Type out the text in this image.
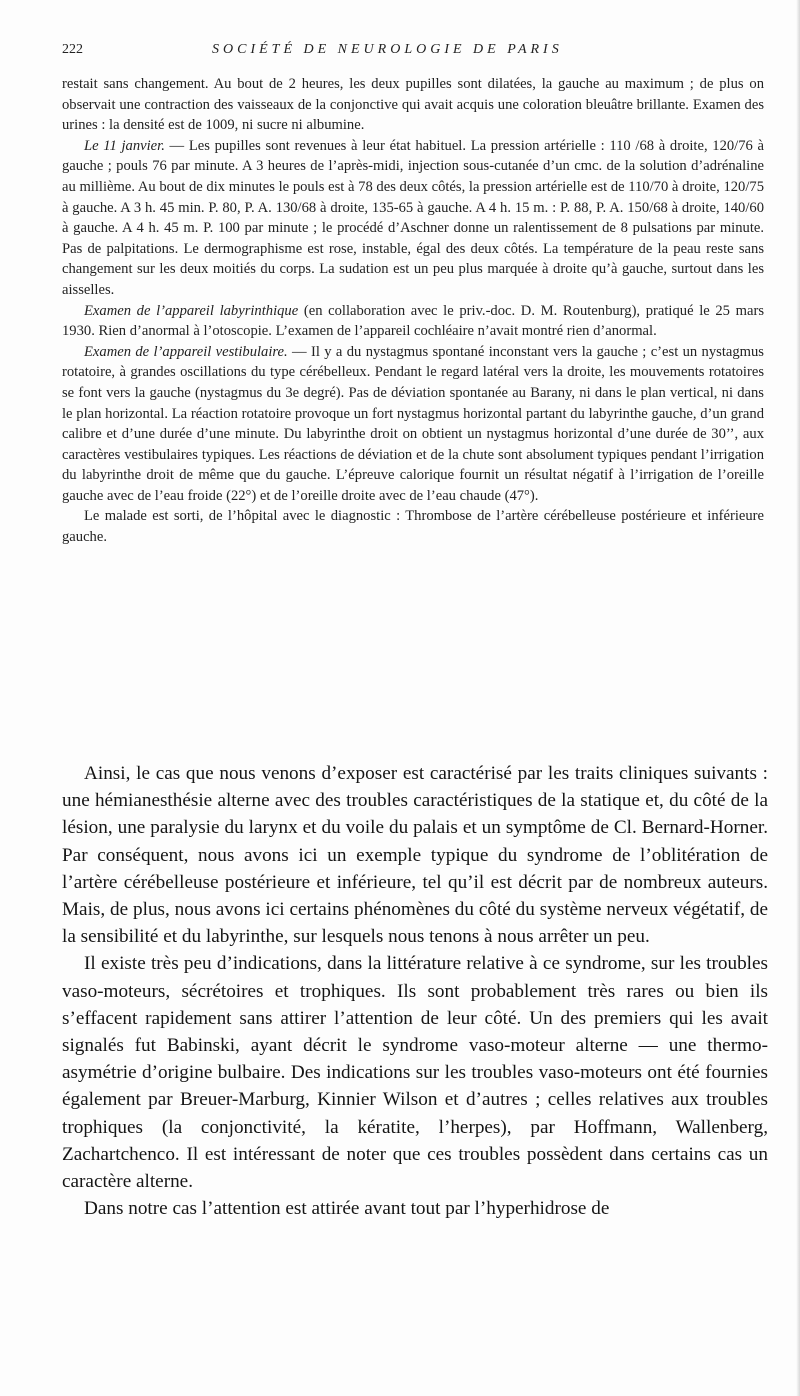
222	SOCIÉTÉ DE NEUROLOGIE DE PARIS

restait sans changement. Au bout de 2 heures, les deux pupilles sont dilatées, la gauche au maximum ; de plus on observait une contraction des vaisseaux de la conjonctive qui avait acquis une coloration bleuâtre brillante. Examen des urines : la densité est de 1009, ni sucre ni albumine.

Le 11 janvier. — Les pupilles sont revenues à leur état habituel. La pression artérielle : 110 /68 à droite, 120/76 à gauche ; pouls 76 par minute. A 3 heures de l’après-midi, injection sous-cutanée d’un cmc. de la solution d’adrénaline au millième. Au bout de dix minutes le pouls est à 78 des deux côtés, la pression artérielle est de 110/70 à droite, 120/75 à gauche. A 3 h. 45 min. P. 80, P. A. 130/68 à droite, 135-65 à gauche. A 4 h. 15 m. : P. 88, P. A. 150/68 à droite, 140/60 à gauche. A 4 h. 45 m. P. 100 par minute ; le procédé d’Aschner donne un ralentissement de 8 pulsations par minute. Pas de palpitations. Le dermographisme est rose, instable, égal des deux côtés. La température de la peau reste sans changement sur les deux moitiés du corps. La sudation est un peu plus marquée à droite qu’à gauche, surtout dans les aisselles.

Examen de l’appareil labyrinthique (en collaboration avec le priv.-doc. D. M. Routenburg), pratiqué le 25 mars 1930. Rien d’anormal à l’otoscopie. L’examen de l’appareil cochléaire n’avait montré rien d’anormal.

Examen de l’appareil vestibulaire. — Il y a du nystagmus spontané inconstant vers la gauche ; c’est un nystagmus rotatoire, à grandes oscillations du type cérébelleux. Pendant le regard latéral vers la droite, les mouvements rotatoires se font vers la gauche (nystagmus du 3e degré). Pas de déviation spontanée au Barany, ni dans le plan vertical, ni dans le plan horizontal. La réaction rotatoire provoque un fort nystagmus horizontal partant du labyrinthe gauche, d’un grand calibre et d’une durée d’une minute. Du labyrinthe droit on obtient un nystagmus horizontal d’une durée de 30’’, aux caractères vestibulaires typiques. Les réactions de déviation et de la chute sont absolument typiques pendant l’irrigation du labyrinthe droit de même que du gauche. L’épreuve calorique fournit un résultat négatif à l’irrigation de l’oreille gauche avec de l’eau froide (22°) et de l’oreille droite avec de l’eau chaude (47°).

Le malade est sorti, de l’hôpital avec le diagnostic : Thrombose de l’artère cérébelleuse postérieure et inférieure gauche.

Ainsi, le cas que nous venons d’exposer est caractérisé par les traits cliniques suivants : une hémianesthésie alterne avec des troubles caractéristiques de la statique et, du côté de la lésion, une paralysie du larynx et du voile du palais et un symptôme de Cl. Bernard-Horner. Par conséquent, nous avons ici un exemple typique du syndrome de l’oblitération de l’artère cérébelleuse postérieure et inférieure, tel qu’il est décrit par de nombreux auteurs. Mais, de plus, nous avons ici certains phénomènes du côté du système nerveux végétatif, de la sensibilité et du labyrinthe, sur lesquels nous tenons à nous arrêter un peu.

Il existe très peu d’indications, dans la littérature relative à ce syndrome, sur les troubles vaso-moteurs, sécrétoires et trophiques. Ils sont probablement très rares ou bien ils s’effacent rapidement sans attirer l’attention de leur côté. Un des premiers qui les avait signalés fut Babinski, ayant décrit le syndrome vaso-moteur alterne — une thermo-asymétrie d’origine bulbaire. Des indications sur les troubles vaso-moteurs ont été fournies également par Breuer-Marburg, Kinnier Wilson et d’autres ; celles relatives aux troubles trophiques (la conjonctivité, la kératite, l’herpes), par Hoffmann, Wallenberg, Zachartchenco. Il est intéressant de noter que ces troubles possèdent dans certains cas un caractère alterne.

Dans notre cas l’attention est attirée avant tout par l’hyperhidrose de
